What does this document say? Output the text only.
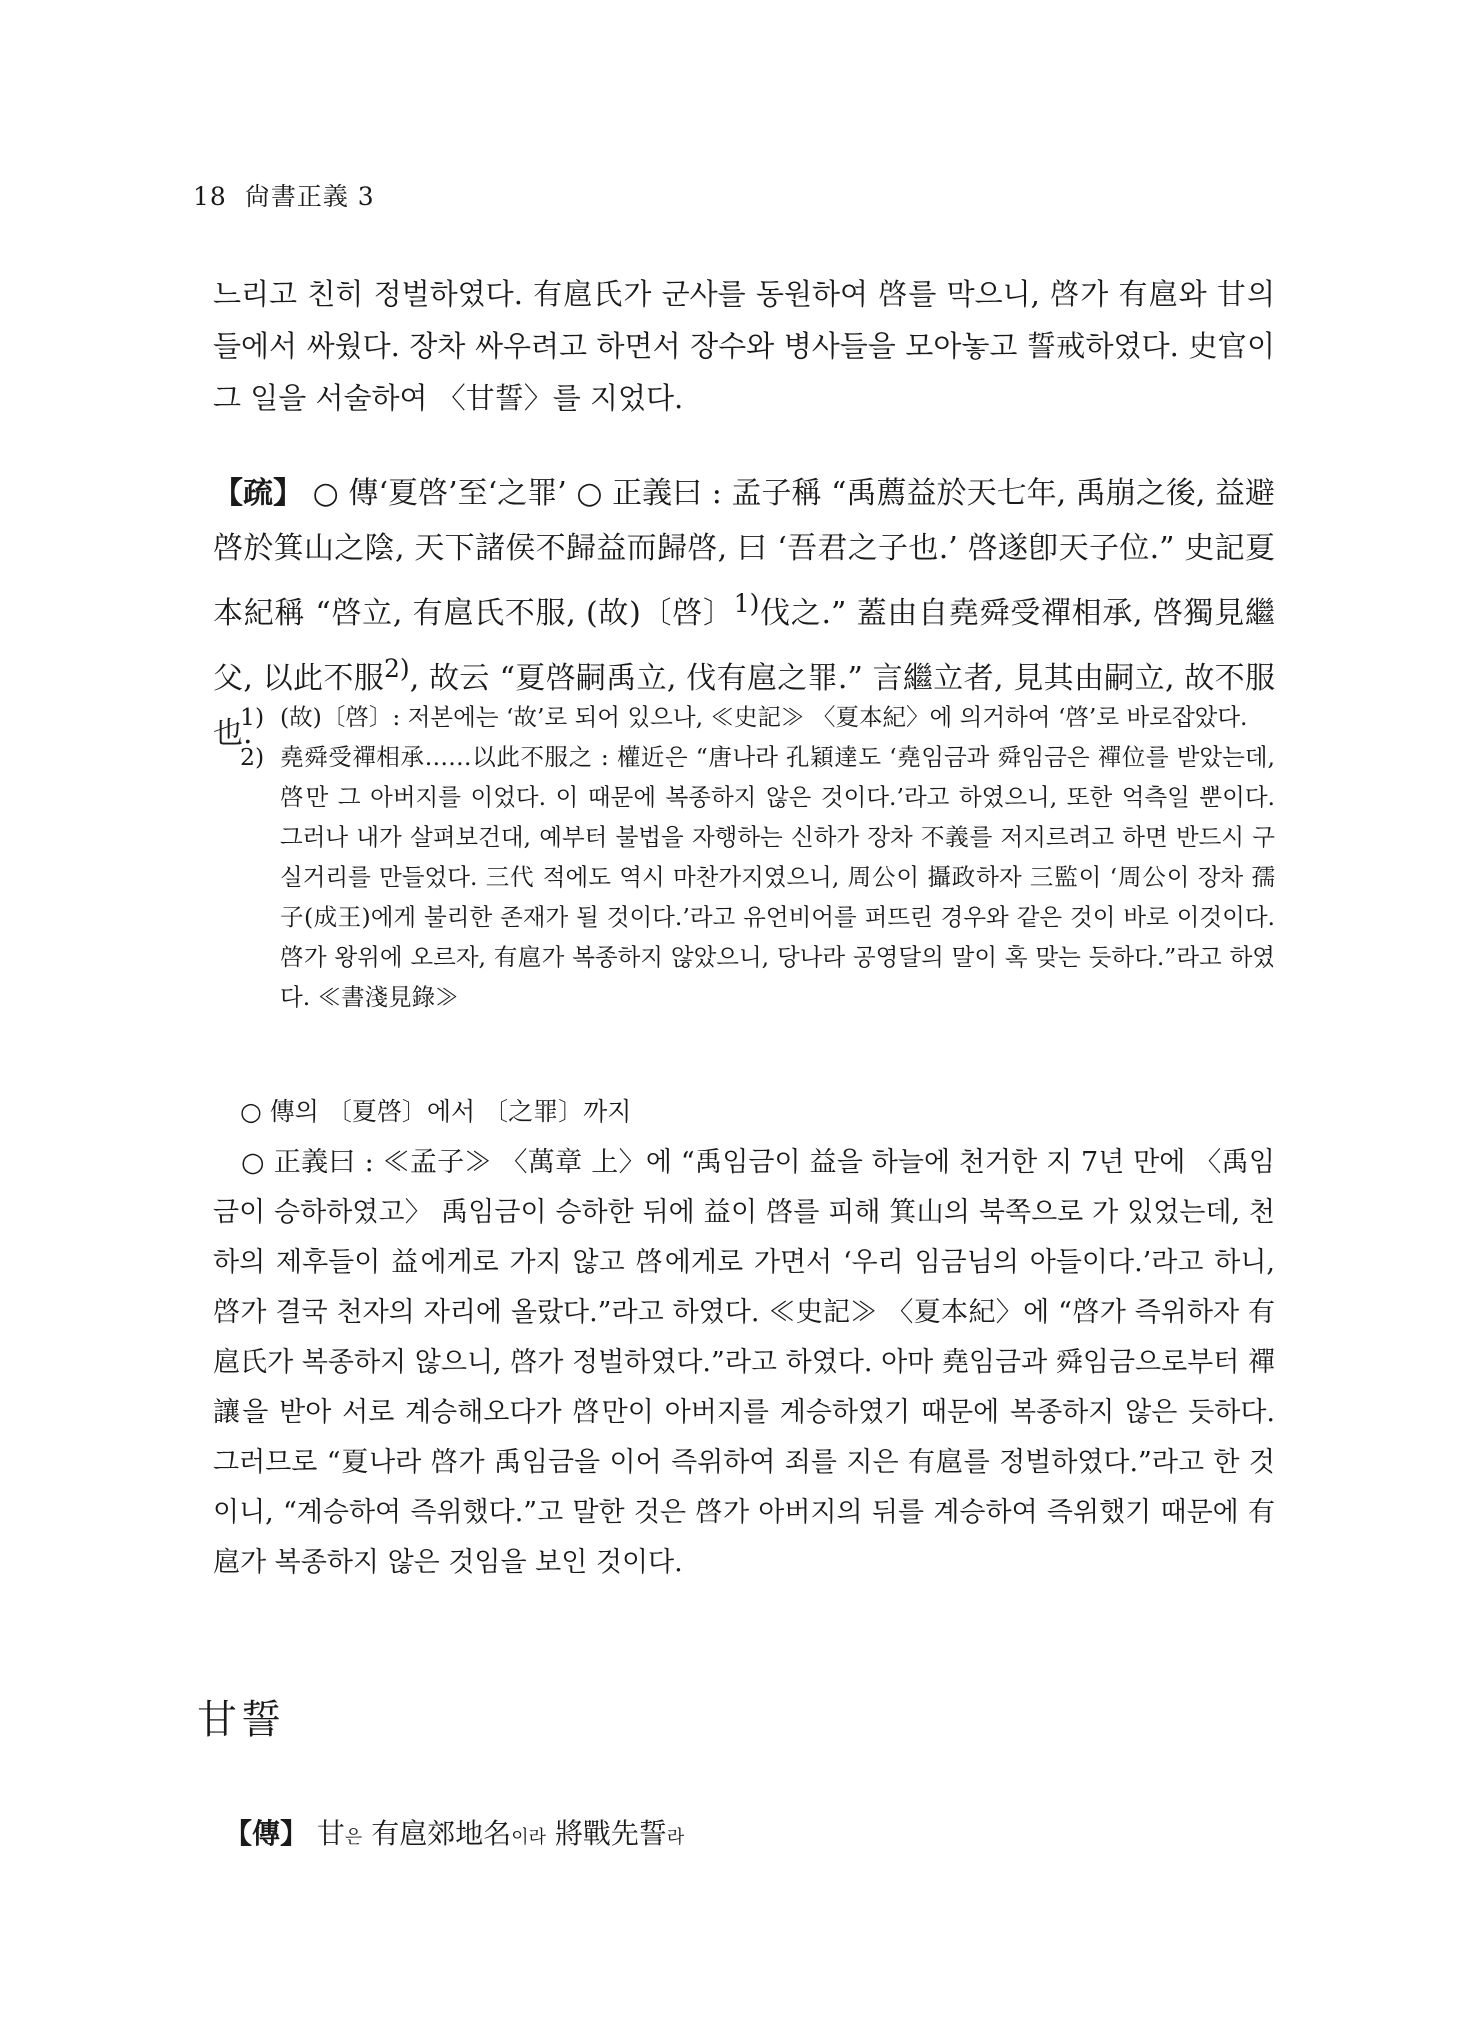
18 尙書正義 3
느리고 친히 정벌하였다. 有扈氏가 군사를 동원하여 啓를 막으니, 啓가 有扈와 甘의 들에서 싸웠다. 장차 싸우려고 하면서 장수와 병사들을 모아놓고 誓戒하였다. 史官이 그 일을 서술하여 〈甘誓〉를 지었다.
【疏】 ○ 傳‘夏啓’至‘之罪’ ○ 正義曰 : 孟子稱 “禹薦益於天七年, 禹崩之後, 益避啓於箕山之陰, 天下諸侯不歸益而歸啓, 曰 ‘吾君之子也.’ 啓遂卽天子位.” 史記夏本紀稱 “啓立, 有扈氏不服, (故)〔啓〕$^{1)}$伐之.” 蓋由自堯舜受禪相承, 啓獨見繼父, 以此不服$^{2)}$, 故云 “夏啓嗣禹立, 伐有扈之罪.” 言繼立者, 見其由嗣立, 故不服也.
1) (故)〔啓〕: 저본에는 ‘故’로 되어 있으나, ≪史記≫ 〈夏本紀〉에 의거하여 ‘啓’로 바로잡았다.
2) 堯舜受禪相承……以此不服之 : 權近은 “唐나라 孔穎達도 ‘堯임금과 舜임금은 禪位를 받았는데, 啓만 그 아버지를 이었다. 이 때문에 복종하지 않은 것이다.’라고 하였으니, 또한 억측일 뿐이다. 그러나 내가 살펴보건대, 예부터 불법을 자행하는 신하가 장차 不義를 저지르려고 하면 반드시 구실거리를 만들었다. 三代 적에도 역시 마찬가지였으니, 周公이 攝政하자 三監이 ‘周公이 장차 孺子(成王)에게 불리한 존재가 될 것이다.’라고 유언비어를 퍼뜨린 경우와 같은 것이 바로 이것이다. 啓가 왕위에 오르자, 有扈가 복종하지 않았으니, 당나라 공영달의 말이 혹 맞는 듯하다.”라고 하였다. ≪書淺見錄≫
○ 傳의 〔夏啓〕에서 〔之罪〕까지
○ 正義曰 : ≪孟子≫ 〈萬章 上〉에 “禹임금이 益을 하늘에 천거한 지 7년 만에 〈禹임금이 승하하였고〉 禹임금이 승하한 뒤에 益이 啓를 피해 箕山의 북쪽으로 가 있었는데, 천하의 제후들이 益에게로 가지 않고 啓에게로 가면서 ‘우리 임금님의 아들이다.’라고 하니, 啓가 결국 천자의 자리에 올랐다.”라고 하였다. ≪史記≫ 〈夏本紀〉에 “啓가 즉위하자 有扈氏가 복종하지 않으니, 啓가 정벌하였다.”라고 하였다. 아마 堯임금과 舜임금으로부터 禪讓을 받아 서로 계승해오다가 啓만이 아버지를 계승하였기 때문에 복종하지 않은 듯하다. 그러므로 “夏나라 啓가 禹임금을 이어 즉위하여 죄를 지은 有扈를 정벌하였다.”라고 한 것이니, “계승하여 즉위했다.”고 말한 것은 啓가 아버지의 뒤를 계승하여 즉위했기 때문에 有扈가 복종하지 않은 것임을 보인 것이다.
甘誓
【傳】 甘은 有扈郊地名이라 將戰先誓라
